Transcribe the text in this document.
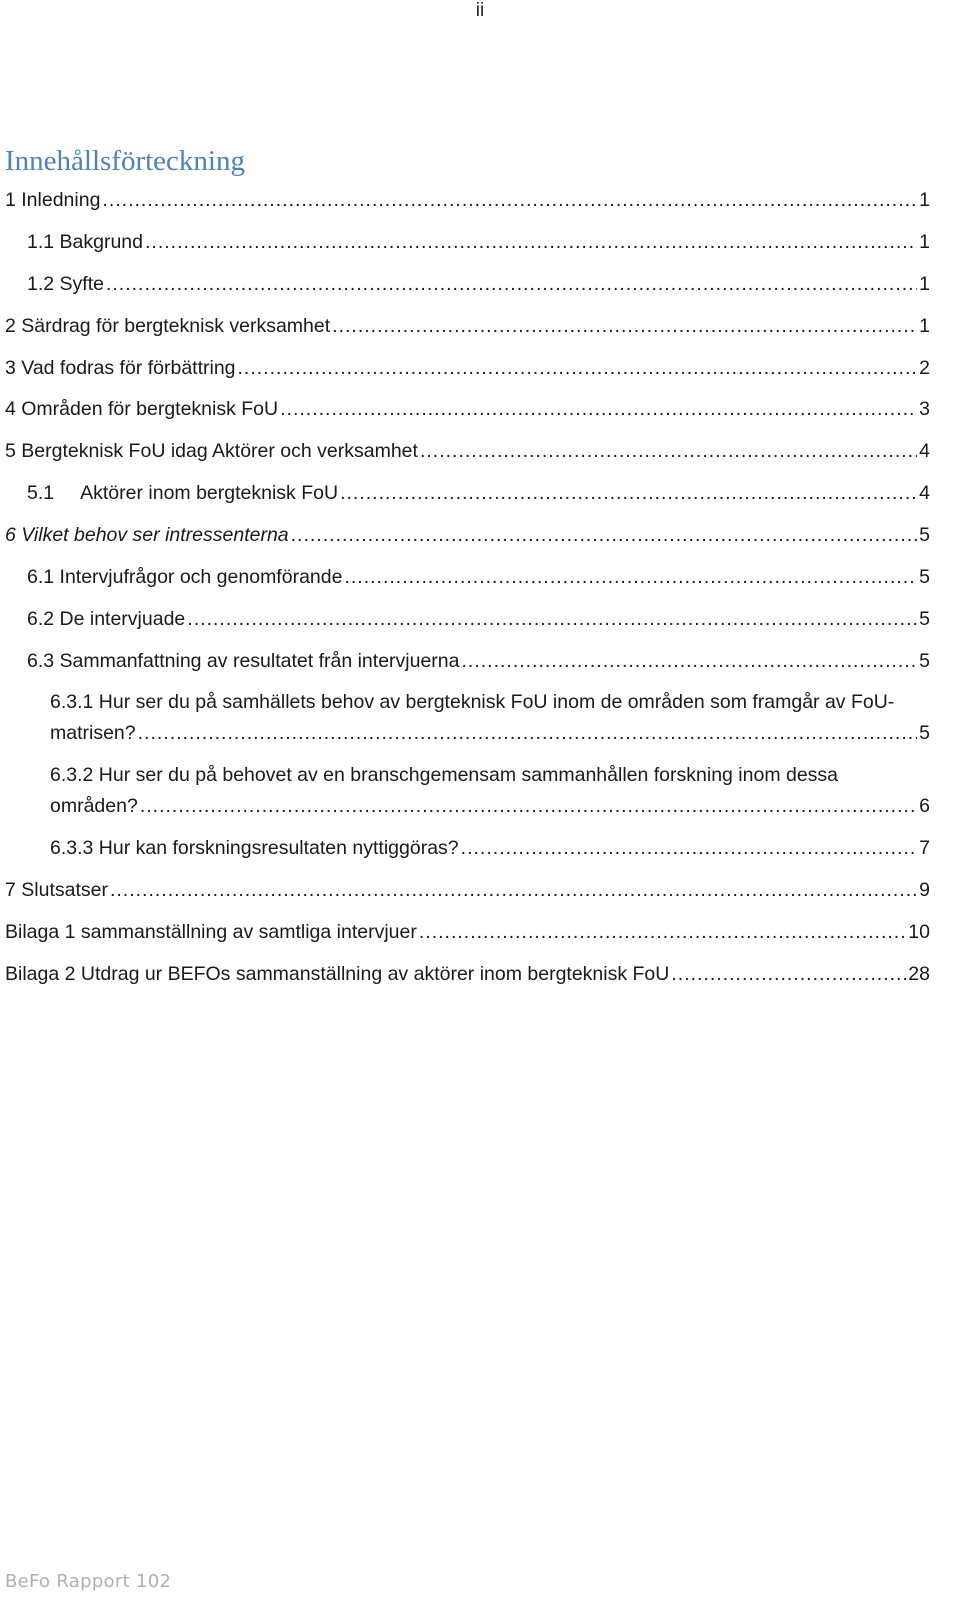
ii
Innehållsförteckning
1 Inledning .....	1
1.1 Bakgrund .....	1
1.2 Syfte .....	1
2 Särdrag för bergteknisk verksamhet .....	1
3 Vad fodras för förbättring .....	2
4 Områden för bergteknisk FoU .....	3
5 Bergteknisk FoU idag Aktörer och verksamhet .....	4
5.1     Aktörer inom bergteknisk FoU .....	4
6 Vilket behov ser intressenterna .....	5
6.1 Intervjufrågor och genomförande .....	5
6.2 De intervjuade .....	5
6.3 Sammanfattning av resultatet från intervjuerna .....	5
6.3.1 Hur ser du på samhällets behov av bergteknisk FoU inom de områden som framgår av FoU-
matrisen? .....	5
6.3.2 Hur ser du på behovet av en branschgemensam sammanhållen forskning inom dessa
områden? .....	6
6.3.3 Hur kan forskningsresultaten nyttiggöras? .....	7
7 Slutsatser .....	9
Bilaga 1 sammanställning av samtliga intervjuer .....	10
Bilaga 2 Utdrag ur BEFOs sammanställning av aktörer inom bergteknisk FoU .....	28
BeFo Rapport 102
